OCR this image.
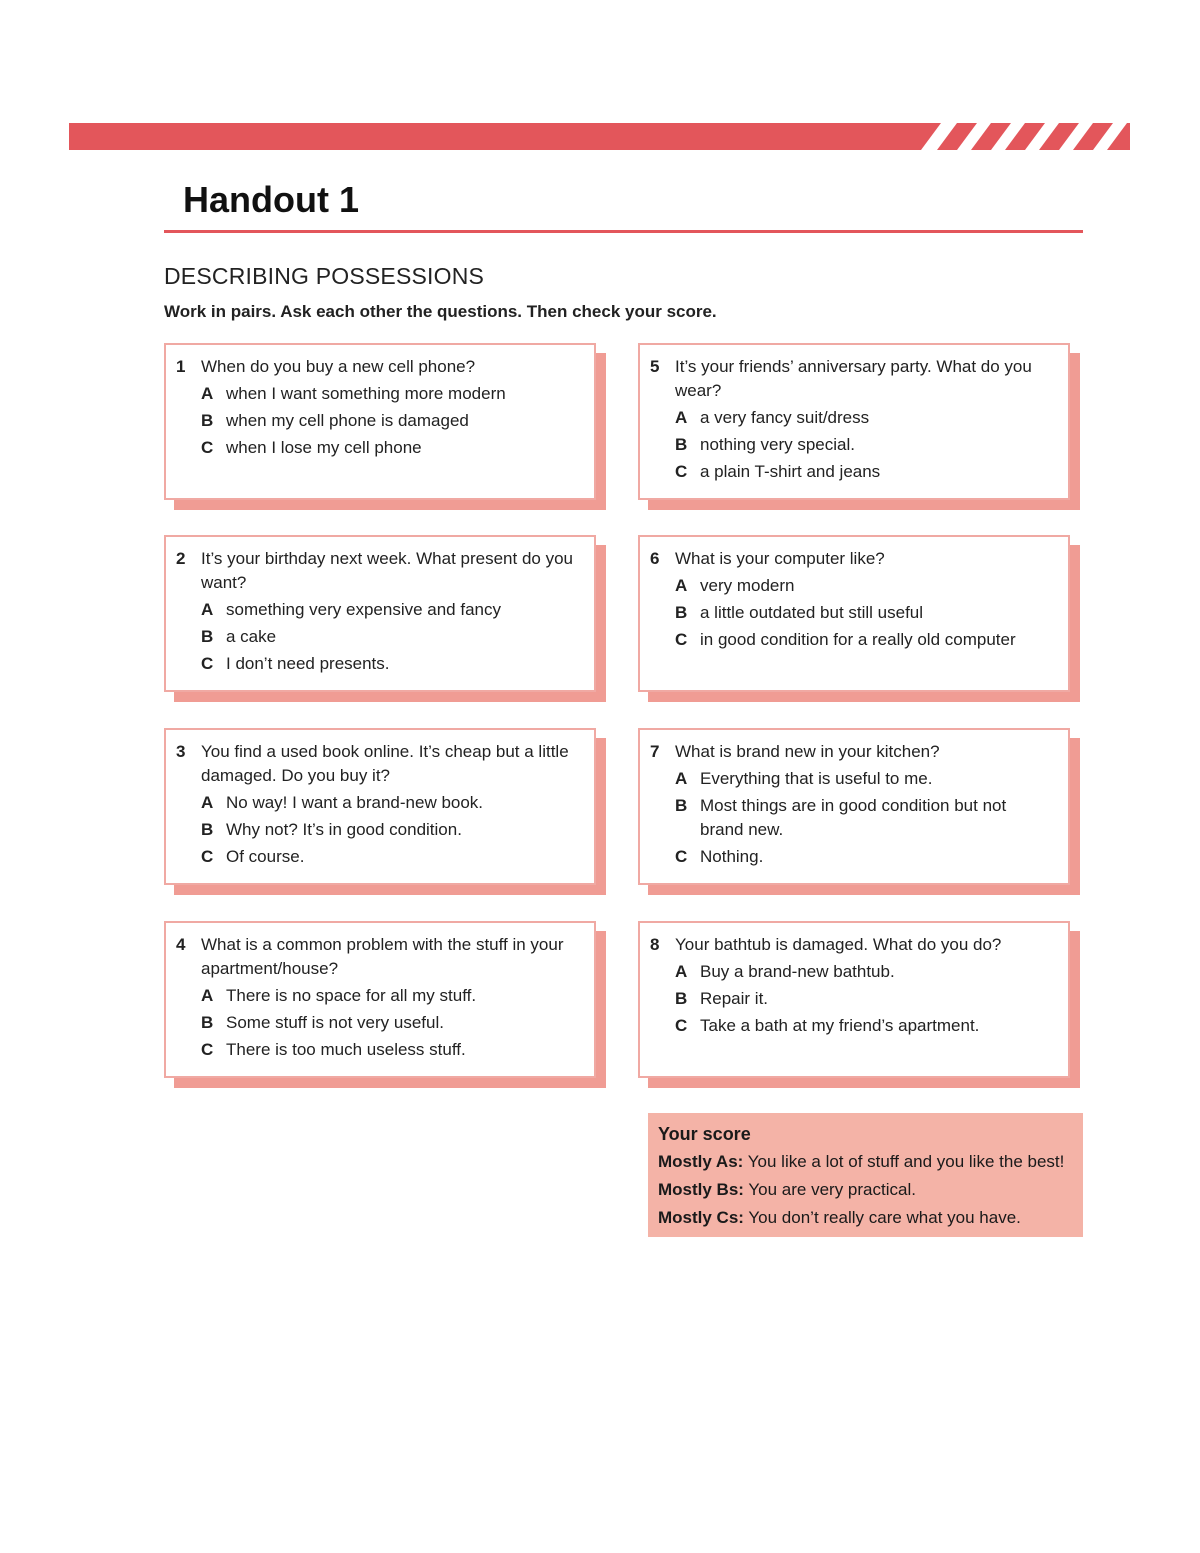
Handout 1
DESCRIBING POSSESSIONS

Work in pairs. Ask each other the questions. Then check your score.

1 When do you buy a new cell phone?
A when I want something more modern
B when my cell phone is damaged
C when I lose my cell phone
2 It’s your birthday next week. What present do you want?
A something very expensive and fancy
B a cake
C I don’t need presents.
3 You find a used book online. It’s cheap but a little damaged. Do you buy it?
A No way! I want a brand-new book.
B Why not? It’s in good condition.
C Of course.
4 What is a common problem with the stuff in your apartment/house?
A There is no space for all my stuff.
B Some stuff is not very useful.
C There is too much useless stuff.
5 It’s your friends’ anniversary party. What do you wear?
A a very fancy suit/dress
B nothing very special.
C a plain T-shirt and jeans
6 What is your computer like?
A very modern
B a little outdated but still useful
C in good condition for a really old computer
7 What is brand new in your kitchen?
A Everything that is useful to me.
B Most things are in good condition but not brand new.
C Nothing.
8 Your bathtub is damaged. What do you do?
A Buy a brand-new bathtub.
B Repair it.
C Take a bath at my friend’s apartment.
Your score
Mostly As: You like a lot of stuff and you like the best!
Mostly Bs: You are very practical.
Mostly Cs: You don’t really care what you have.
